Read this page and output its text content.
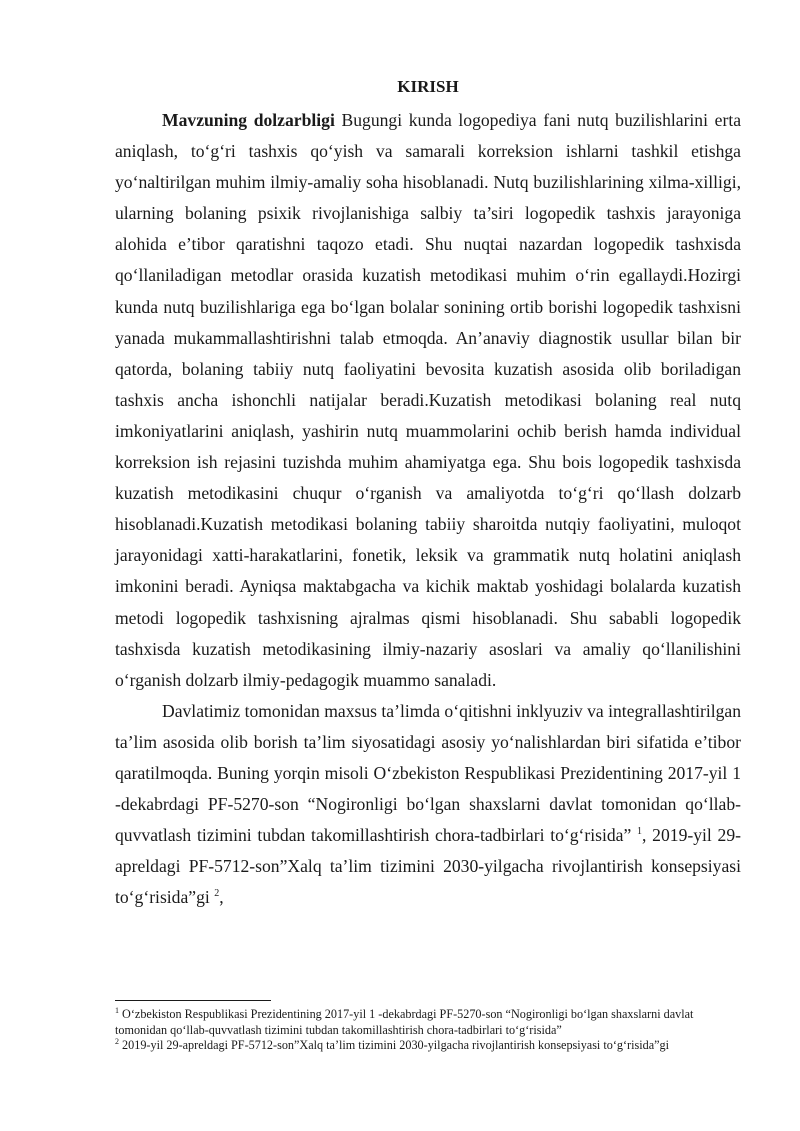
KIRISH

Mavzuning dolzarbligi Bugungi kunda logopediya fani nutq buzilishlarini erta aniqlash, to‘g‘ri tashxis qo‘yish va samarali korreksion ishlarni tashkil etishga yo‘naltirilgan muhim ilmiy-amaliy soha hisoblanadi. Nutq buzilishlarining xilma-xilligi, ularning bolaning psixik rivojlanishiga salbiy ta’siri logopedik tashxis jarayoniga alohida e’tibor qaratishni taqozo etadi. Shu nuqtai nazardan logopedik tashxisda qo‘llaniladigan metodlar orasida kuzatish metodikasi muhim o‘rin egallaydi.Hozirgi kunda nutq buzilishlariga ega bo‘lgan bolalar sonining ortib borishi logopedik tashxisni yanada mukammallashtirishni talab etmoqda. An’anaviy diagnostik usullar bilan bir qatorda, bolaning tabiiy nutq faoliyatini bevosita kuzatish asosida olib boriladigan tashxis ancha ishonchli natijalar beradi.Kuzatish metodikasi bolaning real nutq imkoniyatlarini aniqlash, yashirin nutq muammolarini ochib berish hamda individual korreksion ish rejasini tuzishda muhim ahamiyatga ega. Shu bois logopedik tashxisda kuzatish metodikasini chuqur o‘rganish va amaliyotda to‘g‘ri qo‘llash dolzarb hisoblanadi.Kuzatish metodikasi bolaning tabiiy sharoitda nutqiy faoliyatini, muloqot jarayonidagi xatti-harakatlarini, fonetik, leksik va grammatik nutq holatini aniqlash imkonini beradi. Ayniqsa maktabgacha va kichik maktab yoshidagi bolalarda kuzatish metodi logopedik tashxisning ajralmas qismi hisoblanadi. Shu sababli logopedik tashxisda kuzatish metodikasining ilmiy-nazariy asoslari va amaliy qo‘llanilishini o‘rganish dolzarb ilmiy-pedagogik muammo sanaladi.

Davlatimiz tomonidan maxsus ta’limda o‘qitishni inklyuziv va integrallashtirilgan ta’lim asosida olib borish ta’lim siyosatidagi asosiy yo‘nalishlardan biri sifatida e’tibor qaratilmoqda. Buning yorqin misoli O‘zbekiston Respublikasi Prezidentining 2017-yil 1 -dekabrdagi PF-5270-son “Nogironligi bo‘lgan shaxslarni davlat tomonidan qo‘llab-quvvatlash tizimini tubdan takomillashtirish chora-tadbirlari to‘g‘risida” $^1$, 2019-yil 29-apreldagi PF-5712-son”Xalq ta’lim tizimini 2030-yilgacha rivojlantirish konsepsiyasi to‘g‘risida”gi $^2$,

$^1$ O‘zbekiston Respublikasi Prezidentining 2017-yil 1 -dekabrdagi PF-5270-son “Nogironligi bo‘lgan shaxslarni davlat tomonidan qo‘llab-quvvatlash tizimini tubdan takomillashtirish chora-tadbirlari to‘g‘risida”

$^2$ 2019-yil 29-apreldagi PF-5712-son”Xalq ta’lim tizimini 2030-yilgacha rivojlantirish konsepsiyasi to‘g‘risida”gi
